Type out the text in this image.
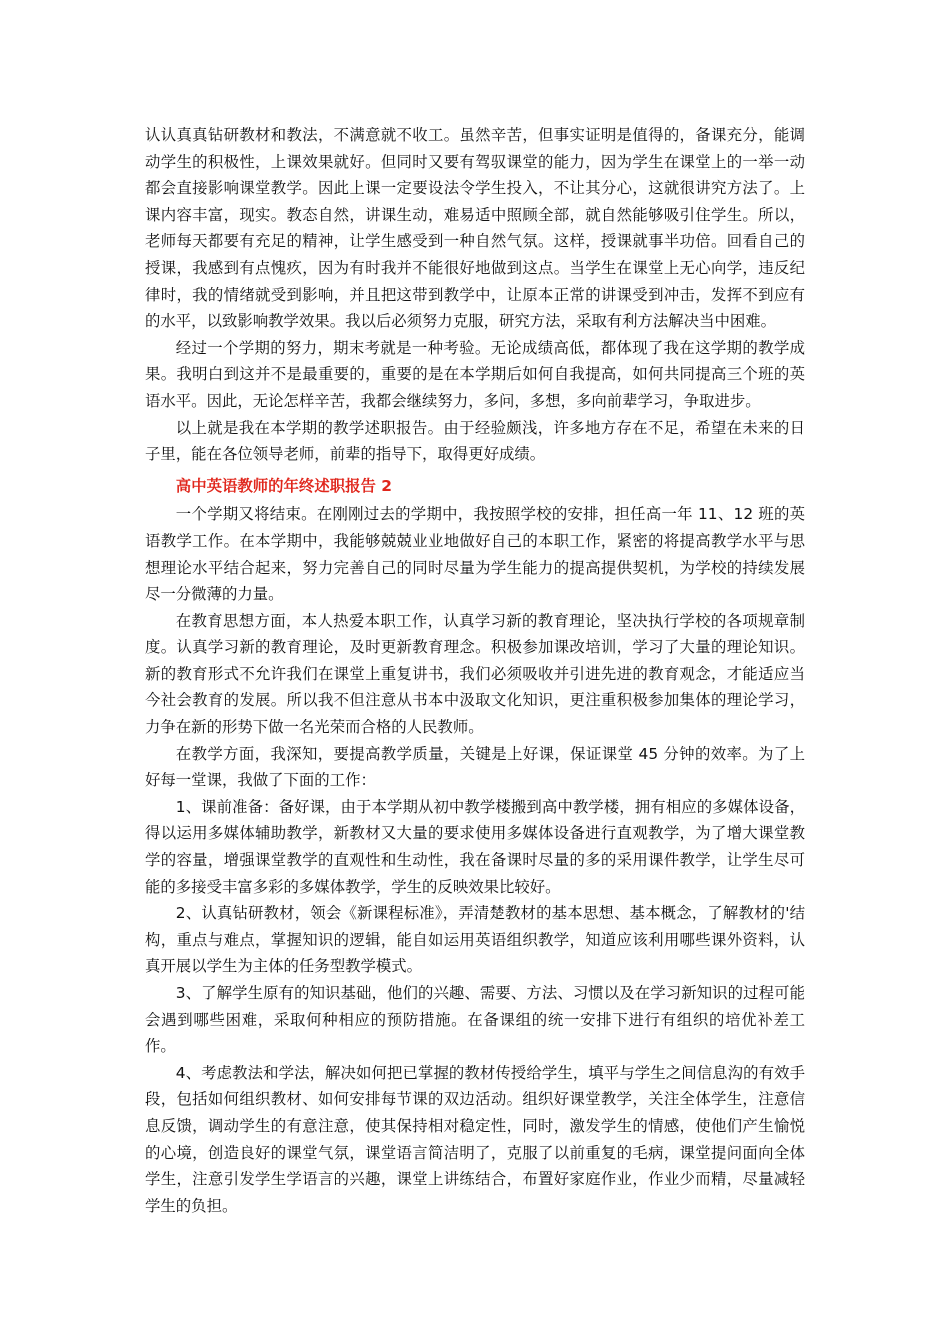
认认真真钻研教材和教法，不满意就不收工。虽然辛苦，但事实证明是值得的，备课充分，能调动学生的积极性，上课效果就好。但同时又要有驾驭课堂的能力，因为学生在课堂上的一举一动都会直接影响课堂教学。因此上课一定要设法令学生投入，不让其分心，这就很讲究方法了。上课内容丰富，现实。教态自然，讲课生动，难易适中照顾全部，就自然能够吸引住学生。所以，老师每天都要有充足的精神，让学生感受到一种自然气氛。这样，授课就事半功倍。回看自己的授课，我感到有点愧疚，因为有时我并不能很好地做到这点。当学生在课堂上无心向学，违反纪律时，我的情绪就受到影响，并且把这带到教学中，让原本正常的讲课受到冲击，发挥不到应有的水平，以致影响教学效果。我以后必须努力克服，研究方法，采取有利方法解决当中困难。

经过一个学期的努力，期末考就是一种考验。无论成绩高低，都体现了我在这学期的教学成果。我明白到这并不是最重要的，重要的是在本学期后如何自我提高，如何共同提高三个班的英语水平。因此，无论怎样辛苦，我都会继续努力，多问，多想，多向前辈学习，争取进步。

以上就是我在本学期的教学述职报告。由于经验颇浅，许多地方存在不足，希望在未来的日子里，能在各位领导老师，前辈的指导下，取得更好成绩。

高中英语教师的年终述职报告 2

一个学期又将结束。在刚刚过去的学期中，我按照学校的安排，担任高一年 11、12 班的英语教学工作。在本学期中，我能够兢兢业业地做好自己的本职工作，紧密的将提高教学水平与思想理论水平结合起来，努力完善自己的同时尽量为学生能力的提高提供契机，为学校的持续发展尽一分微薄的力量。

在教育思想方面，本人热爱本职工作，认真学习新的教育理论，坚决执行学校的各项规章制度。认真学习新的教育理论，及时更新教育理念。积极参加课改培训，学习了大量的理论知识。新的教育形式不允许我们在课堂上重复讲书，我们必须吸收并引进先进的教育观念，才能适应当今社会教育的发展。所以我不但注意从书本中汲取文化知识，更注重积极参加集体的理论学习，力争在新的形势下做一名光荣而合格的人民教师。

在教学方面，我深知，要提高教学质量，关键是上好课，保证课堂 45 分钟的效率。为了上好每一堂课，我做了下面的工作：

1、课前准备：备好课，由于本学期从初中教学楼搬到高中教学楼，拥有相应的多媒体设备，得以运用多媒体辅助教学，新教材又大量的要求使用多媒体设备进行直观教学，为了增大课堂教学的容量，增强课堂教学的直观性和生动性，我在备课时尽量的多的采用课件教学，让学生尽可能的多接受丰富多彩的多媒体教学，学生的反映效果比较好。

2、认真钻研教材，领会《新课程标准》，弄清楚教材的基本思想、基本概念，了解教材的'结构，重点与难点，掌握知识的逻辑，能自如运用英语组织教学，知道应该利用哪些课外资料，认真开展以学生为主体的任务型教学模式。

3、了解学生原有的知识基础，他们的兴趣、需要、方法、习惯以及在学习新知识的过程可能会遇到哪些困难，采取何种相应的预防措施。在备课组的统一安排下进行有组织的培优补差工作。

4、考虑教法和学法，解决如何把已掌握的教材传授给学生，填平与学生之间信息沟的有效手段，包括如何组织教材、如何安排每节课的双边活动。组织好课堂教学，关注全体学生，注意信息反馈，调动学生的有意注意，使其保持相对稳定性，同时，激发学生的情感，使他们产生愉悦的心境，创造良好的课堂气氛，课堂语言简洁明了，克服了以前重复的毛病，课堂提问面向全体学生，注意引发学生学语言的兴趣，课堂上讲练结合，布置好家庭作业，作业少而精，尽量减轻学生的负担。
